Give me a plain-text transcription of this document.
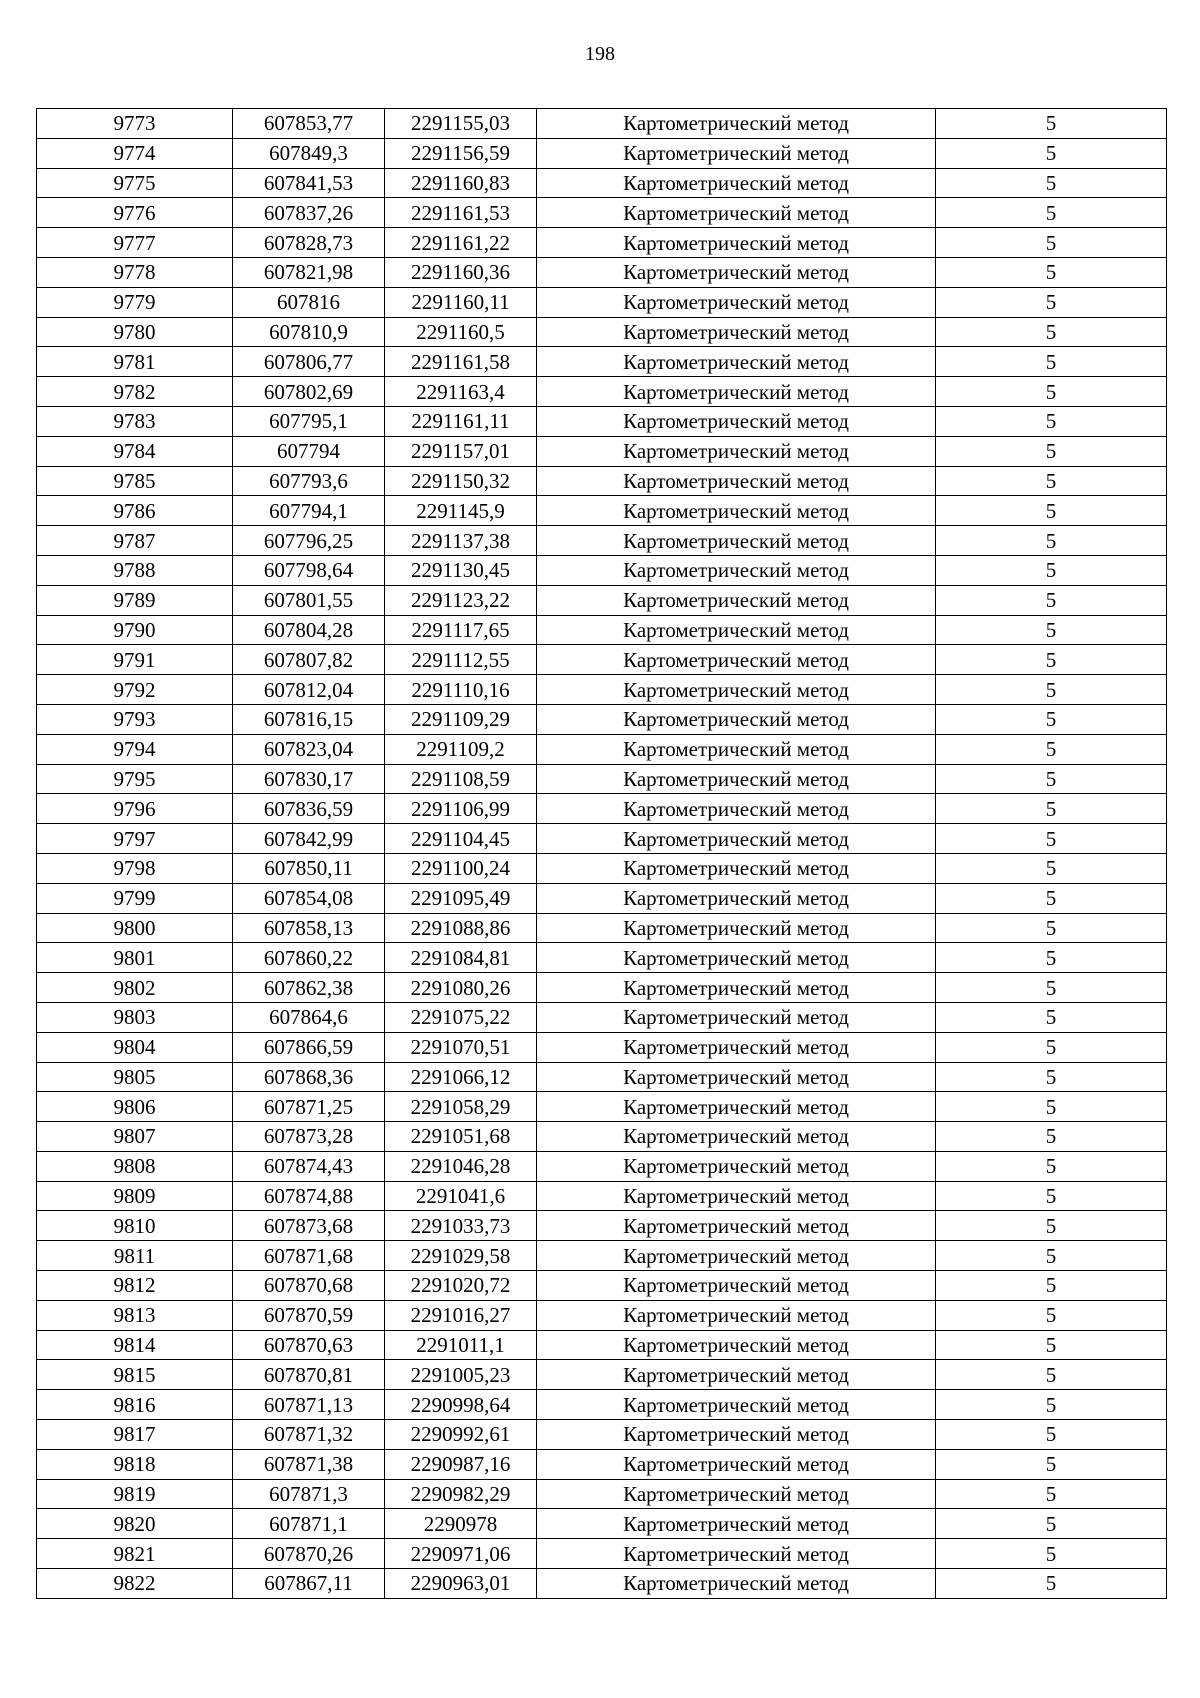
198
9773	607853,77	2291155,03	Картометрический метод	5
9774	607849,3	2291156,59	Картометрический метод	5
9775	607841,53	2291160,83	Картометрический метод	5
9776	607837,26	2291161,53	Картометрический метод	5
9777	607828,73	2291161,22	Картометрический метод	5
9778	607821,98	2291160,36	Картометрический метод	5
9779	607816	2291160,11	Картометрический метод	5
9780	607810,9	2291160,5	Картометрический метод	5
9781	607806,77	2291161,58	Картометрический метод	5
9782	607802,69	2291163,4	Картометрический метод	5
9783	607795,1	2291161,11	Картометрический метод	5
9784	607794	2291157,01	Картометрический метод	5
9785	607793,6	2291150,32	Картометрический метод	5
9786	607794,1	2291145,9	Картометрический метод	5
9787	607796,25	2291137,38	Картометрический метод	5
9788	607798,64	2291130,45	Картометрический метод	5
9789	607801,55	2291123,22	Картометрический метод	5
9790	607804,28	2291117,65	Картометрический метод	5
9791	607807,82	2291112,55	Картометрический метод	5
9792	607812,04	2291110,16	Картометрический метод	5
9793	607816,15	2291109,29	Картометрический метод	5
9794	607823,04	2291109,2	Картометрический метод	5
9795	607830,17	2291108,59	Картометрический метод	5
9796	607836,59	2291106,99	Картометрический метод	5
9797	607842,99	2291104,45	Картометрический метод	5
9798	607850,11	2291100,24	Картометрический метод	5
9799	607854,08	2291095,49	Картометрический метод	5
9800	607858,13	2291088,86	Картометрический метод	5
9801	607860,22	2291084,81	Картометрический метод	5
9802	607862,38	2291080,26	Картометрический метод	5
9803	607864,6	2291075,22	Картометрический метод	5
9804	607866,59	2291070,51	Картометрический метод	5
9805	607868,36	2291066,12	Картометрический метод	5
9806	607871,25	2291058,29	Картометрический метод	5
9807	607873,28	2291051,68	Картометрический метод	5
9808	607874,43	2291046,28	Картометрический метод	5
9809	607874,88	2291041,6	Картометрический метод	5
9810	607873,68	2291033,73	Картометрический метод	5
9811	607871,68	2291029,58	Картометрический метод	5
9812	607870,68	2291020,72	Картометрический метод	5
9813	607870,59	2291016,27	Картометрический метод	5
9814	607870,63	2291011,1	Картометрический метод	5
9815	607870,81	2291005,23	Картометрический метод	5
9816	607871,13	2290998,64	Картометрический метод	5
9817	607871,32	2290992,61	Картометрический метод	5
9818	607871,38	2290987,16	Картометрический метод	5
9819	607871,3	2290982,29	Картометрический метод	5
9820	607871,1	2290978	Картометрический метод	5
9821	607870,26	2290971,06	Картометрический метод	5
9822	607867,11	2290963,01	Картометрический метод	5
